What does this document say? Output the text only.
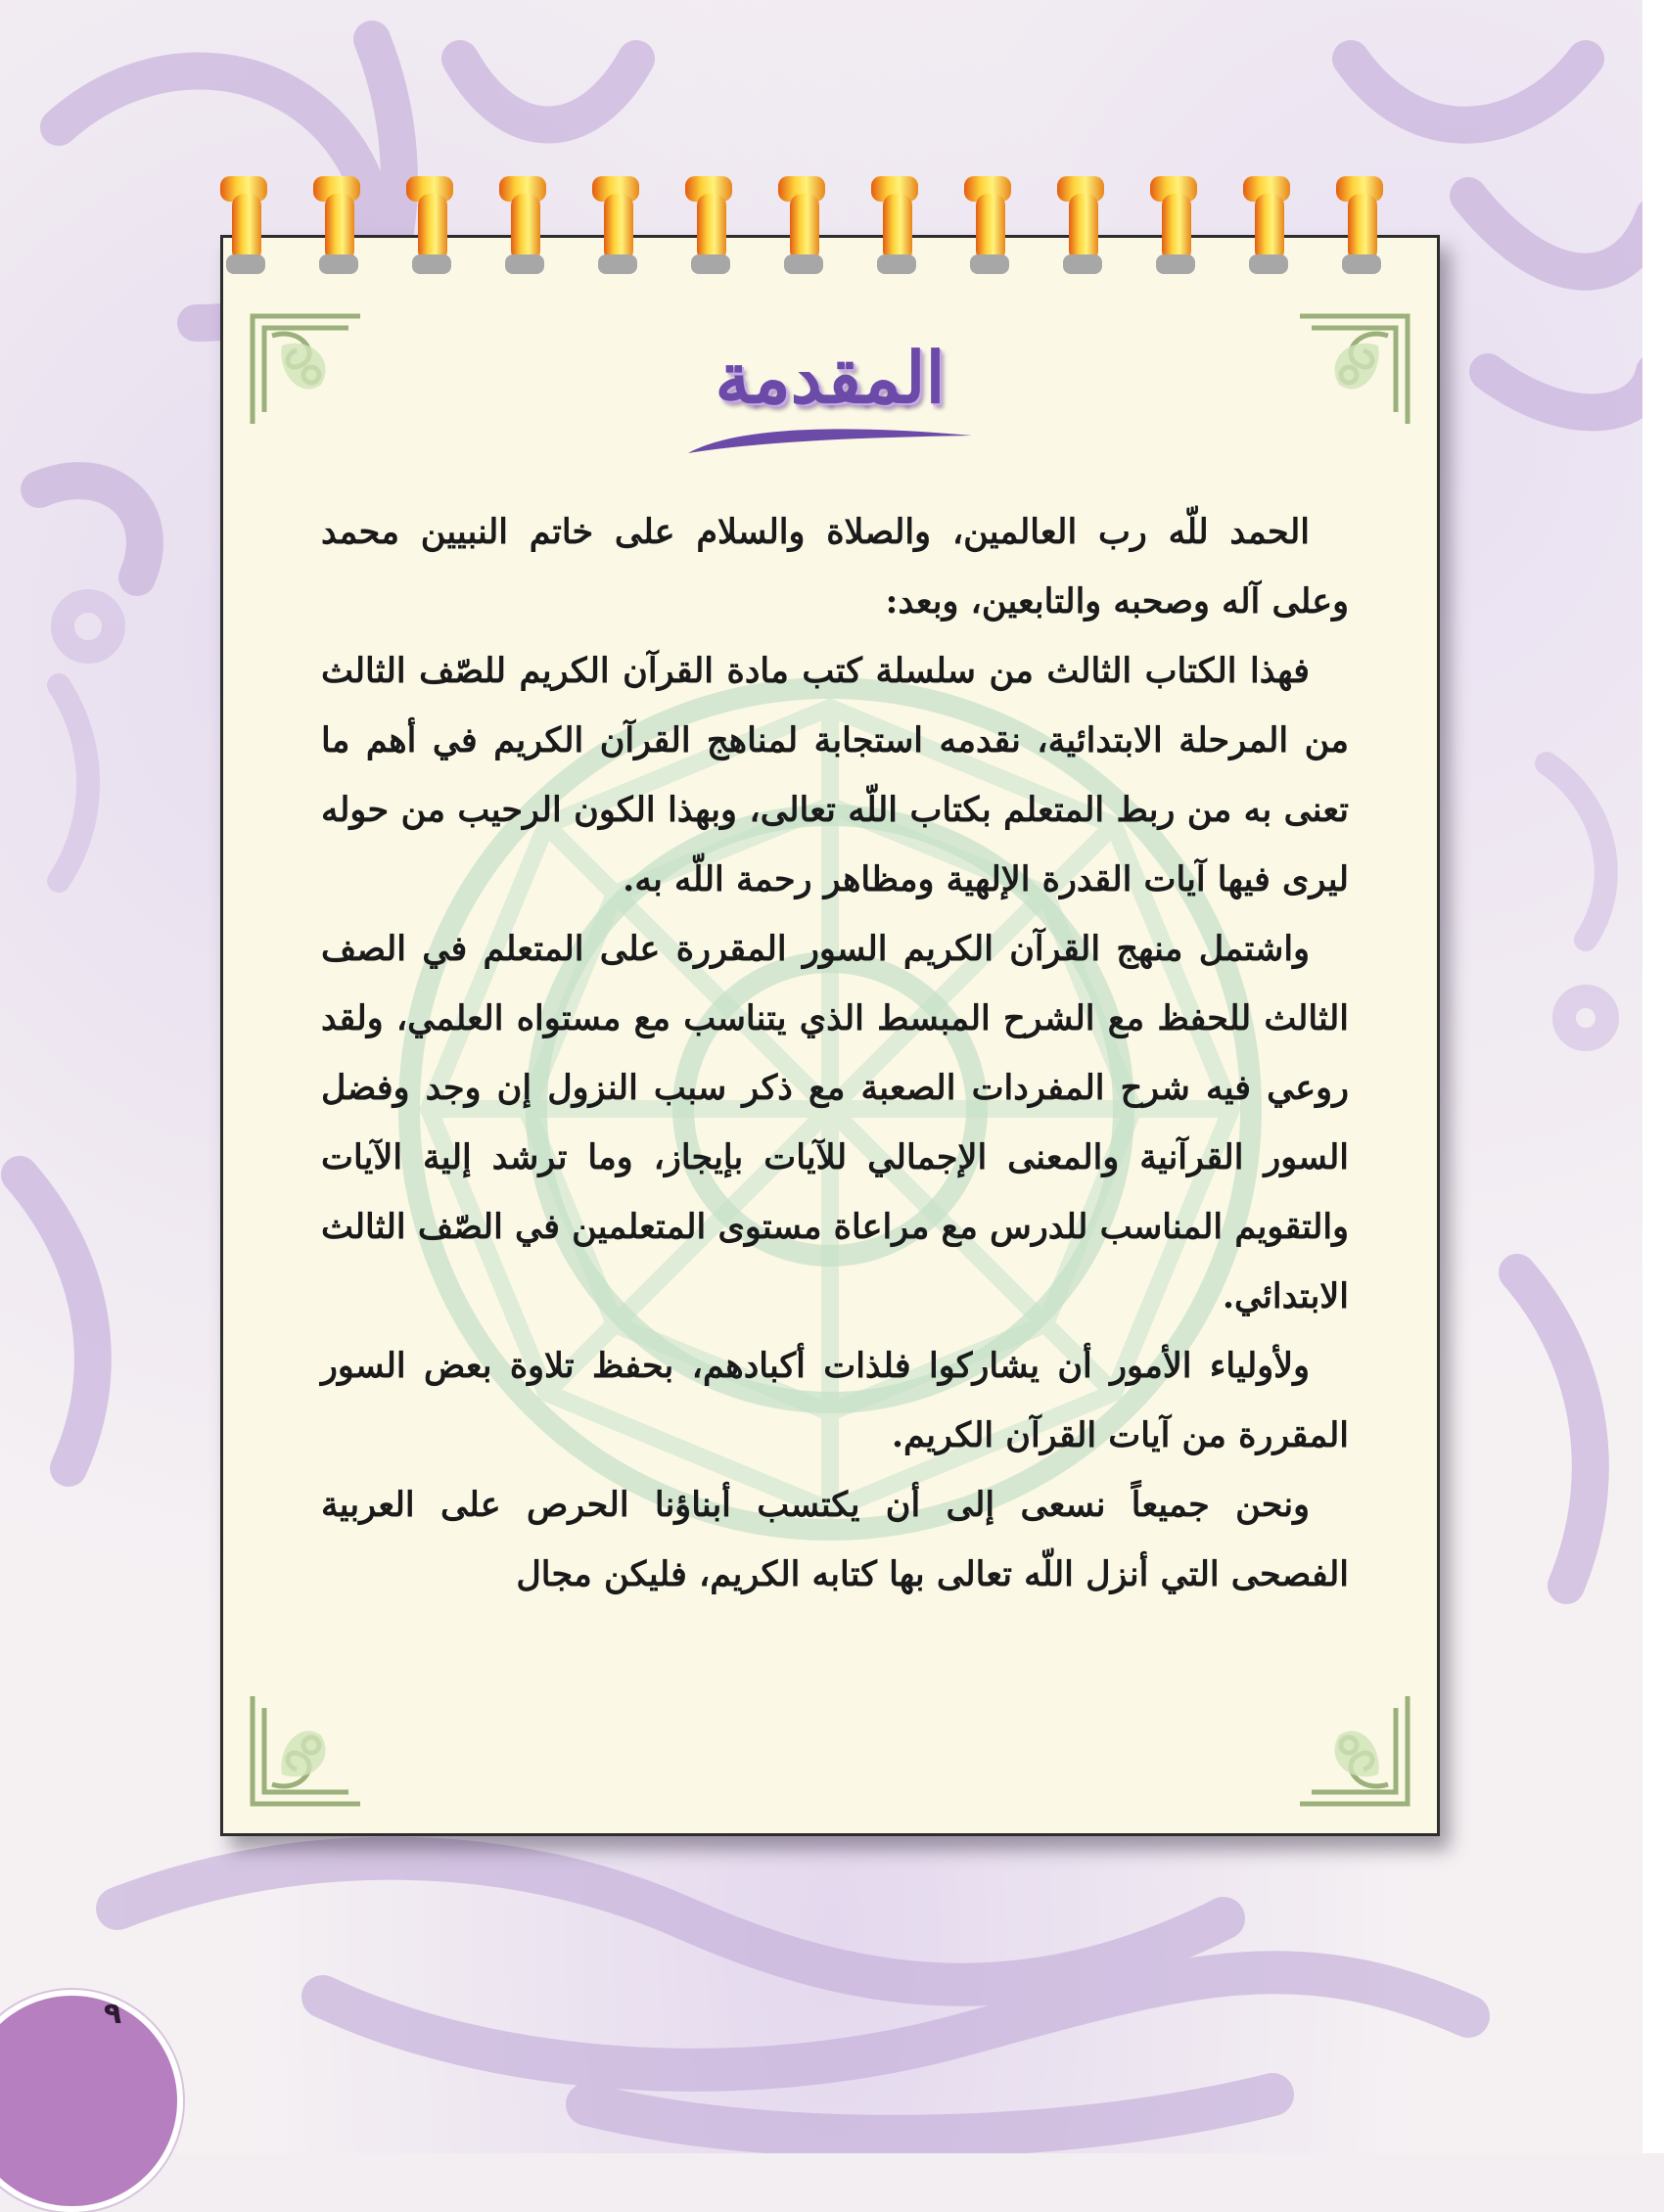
المقدمة

الحمد للّه رب العالمين، والصلاة والسلام على خاتم النبيين محمد وعلى آله وصحبه والتابعين، وبعد:

فهذا الكتاب الثالث من سلسلة كتب مادة القرآن الكريم للصّف الثالث من المرحلة الابتدائية، نقدمه استجابة لمناهج القرآن الكريم في أهم ما تعنى به من ربط المتعلم بكتاب اللّه تعالى، وبهذا الكون الرحيب من حوله ليرى فيها آيات القدرة الإلهية ومظاهر رحمة اللّه به.

واشتمل منهج القرآن الكريم السور المقررة على المتعلم في الصف الثالث للحفظ مع الشرح المبسط الذي يتناسب مع مستواه العلمي، ولقد روعي فيه شرح المفردات الصعبة مع ذكر سبب النزول إن وجد وفضل السور القرآنية والمعنى الإجمالي للآيات بإيجاز، وما ترشد إلية الآيات والتقويم المناسب للدرس مع مراعاة مستوى المتعلمين في الصّف الثالث الابتدائي.

ولأولياء الأمور أن يشاركوا فلذات أكبادهم، بحفظ تلاوة بعض السور المقررة من آيات القرآن الكريم.

ونحن جميعاً نسعى إلى أن يكتسب أبناؤنا الحرص على العربية الفصحى التي أنزل اللّه تعالى بها كتابه الكريم، فليكن مجال

٩
